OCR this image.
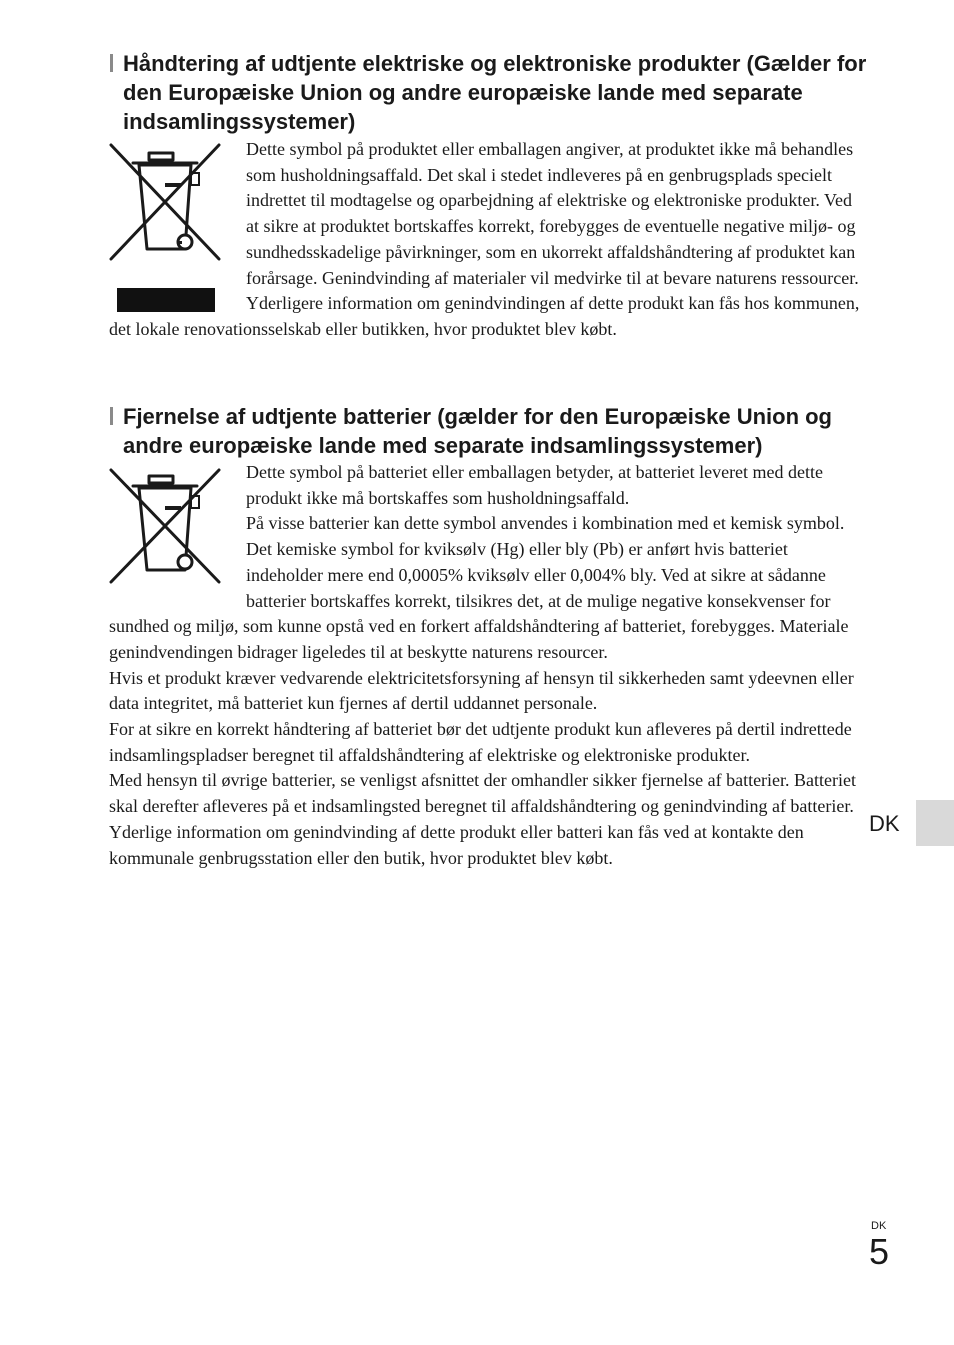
Håndtering af udtjente elektriske og elektroniske produkter (Gælder for den Europæiske Union og andre europæiske lande med separate indsamlingssystemer)

Dette symbol på produktet eller emballagen angiver, at produktet ikke må behandles som husholdningsaffald. Det skal i stedet indleveres på en genbrugsplads specielt indrettet til modtagelse og oparbejdning af elektriske og elektroniske produkter. Ved at sikre at produktet bortskaffes korrekt, forebygges de eventuelle negative miljø- og sundhedsskadelige påvirkninger, som en ukorrekt affaldshåndtering af produktet kan forårsage. Genindvinding af materialer vil medvirke til at bevare naturens ressourcer. Yderligere information om genindvindingen af dette produkt kan fås hos kommunen, det lokale renovationsselskab eller butikken, hvor produktet blev købt.

Fjernelse af udtjente batterier (gælder for den Europæiske Union og andre europæiske lande med separate indsamlingssystemer)

Dette symbol på batteriet eller emballagen betyder, at batteriet leveret med dette produkt ikke må bortskaffes som husholdningsaffald.

På visse batterier kan dette symbol anvendes i kombination med et kemisk symbol. Det kemiske symbol for kviksølv (Hg) eller bly (Pb) er anført hvis batteriet indeholder mere end 0,0005% kviksølv eller 0,004% bly. Ved at sikre at sådanne batterier bortskaffes korrekt, tilsikres det, at de mulige negative konsekvenser for sundhed og miljø, som kunne opstå ved en forkert affaldshåndtering af batteriet, forebygges. Materiale genindvendingen bidrager ligeledes til at beskytte naturens resourcer.

Hvis et produkt kræver vedvarende elektricitetsforsyning af hensyn til sikkerheden samt ydeevnen eller data integritet, må batteriet kun fjernes af dertil uddannet personale.

For at sikre en korrekt håndtering af batteriet bør det udtjente produkt kun afleveres på dertil indrettede indsamlingspladser beregnet til affaldshåndtering af elektriske og elektroniske produkter.

Med hensyn til øvrige batterier, se venligst afsnittet der omhandler sikker fjernelse af batterier. Batteriet skal derefter afleveres på et indsamlingsted beregnet til affaldshåndtering og genindvinding af batterier.

Yderlige information om genindvinding af dette produkt eller batteri kan fås ved at kontakte den kommunale genbrugsstation eller den butik, hvor produktet blev købt.

DK
DK
5
